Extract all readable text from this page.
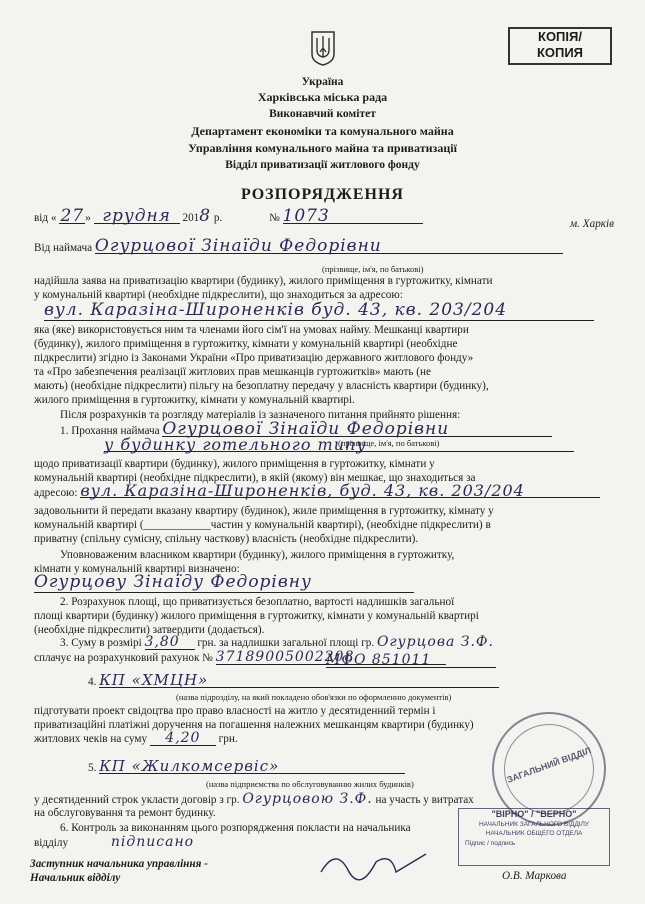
КОПІЯ/
КОПИЯ
Україна
Харківська міська рада
Виконавчий комітет
Департамент економіки та комунального майна
Управління комунального майна та приватизації
Відділ приватизації житлового фонду
РОЗПОРЯДЖЕННЯ
від « 27» грудня 2018 р.	№ 1073	м. Харків
Від наймача Огурцової Зінаїди Федорівни
(прізвище, ім'я, по батькові)
надійшла заява на приватизацію квартири (будинку), жилого приміщення в гуртожитку, кімнати
у комунальній квартирі (необхідне підкреслити), що знаходиться за адресою:
вул. Каразіна-Широненків буд. 43, кв. 203/204
яка (яке) використовується ним та членами його сім'ї на умовах найму. Мешканці квартири
(будинку), жилого приміщення в гуртожитку, кімнати у комунальній квартирі (необхідне
підкреслити) згідно із Законами України «Про приватизацію державного житлового фонду»
та «Про забезпечення реалізації житлових прав мешканців гуртожитків» мають (не
мають) (необхідне підкреслити) пільгу на безоплатну передачу у власність квартири (будинку),
жилого приміщення в гуртожитку, кімнати у комунальній квартирі.
Після розрахунків та розгляду матеріалів із зазначеного питання прийнято рішення:
1. Прохання наймача Огурцової Зінаїди Федорівни
(прізвище, ім'я, по батькові)
у будинку готельного типу
щодо приватизації квартири (будинку), жилого приміщення в гуртожитку, кімнати у
комунальній квартирі (необхідне підкреслити), в якій (якому) він мешкає, що знаходиться за
адресою: вул. Каразіна-Широненків, буд. 43, кв. 203/204
задовольнити й передати вказану квартиру (будинок), жиле приміщення в гуртожитку, кімнату у
комунальній квартирі (____________частин у комунальній квартирі), (необхідне підкреслити) в
приватну (спільну сумісну, спільну часткову) власність (необхідне підкреслити).
Уповноваженим власником квартири (будинку), жилого приміщення в гуртожитку,
кімнати у комунальній квартирі визначено:
Огурцову Зінаїду Федорівну
2. Розрахунок площі, що приватизується безоплатно, вартості надлишків загальної
площі квартири (будинку) жилого приміщення в гуртожитку, кімнати у комунальній квартирі
(необхідне підкреслити) затвердити (додається).
3. Суму в розмірі 3,80 грн. за надлишки загальної площі гр. Огурцова З.Ф.
сплачує на розрахунковий рахунок № 37189005002208
МФО 851011
4. КП «ХМЦН»
(назва підрозділу, на який покладено обов'язки по оформленню документів)
підготувати проект свідоцтва про право власності на житло у десятиденний термін і
приватизаційні платіжні доручення на погашення належних мешканцям квартири (будинку)
житлових чеків на суму 4,20 грн.
5. КП «Жилкомсервіс»
(назва підприємства по обслуговуванню жилих будинків)
у десятиденний строк укласти договір з гр. Огурцовою З.Ф. на участь у витратах
на обслуговування та ремонт будинку.
6. Контроль за виконанням цього розпорядження покласти на начальника
відділу	підписано
Заступник начальника управління -
Начальник відділу	О.В. Маркова
ЗАГАЛЬНИЙ ВІДДІЛ
"ВІРНО" / "ВЕРНО"
НАЧАЛЬНИК ЗАГАЛЬНОГО ВІДДІЛУ
НАЧАЛЬНИК ОБЩЕГО ОТДЕЛА
Підпис / подпись
